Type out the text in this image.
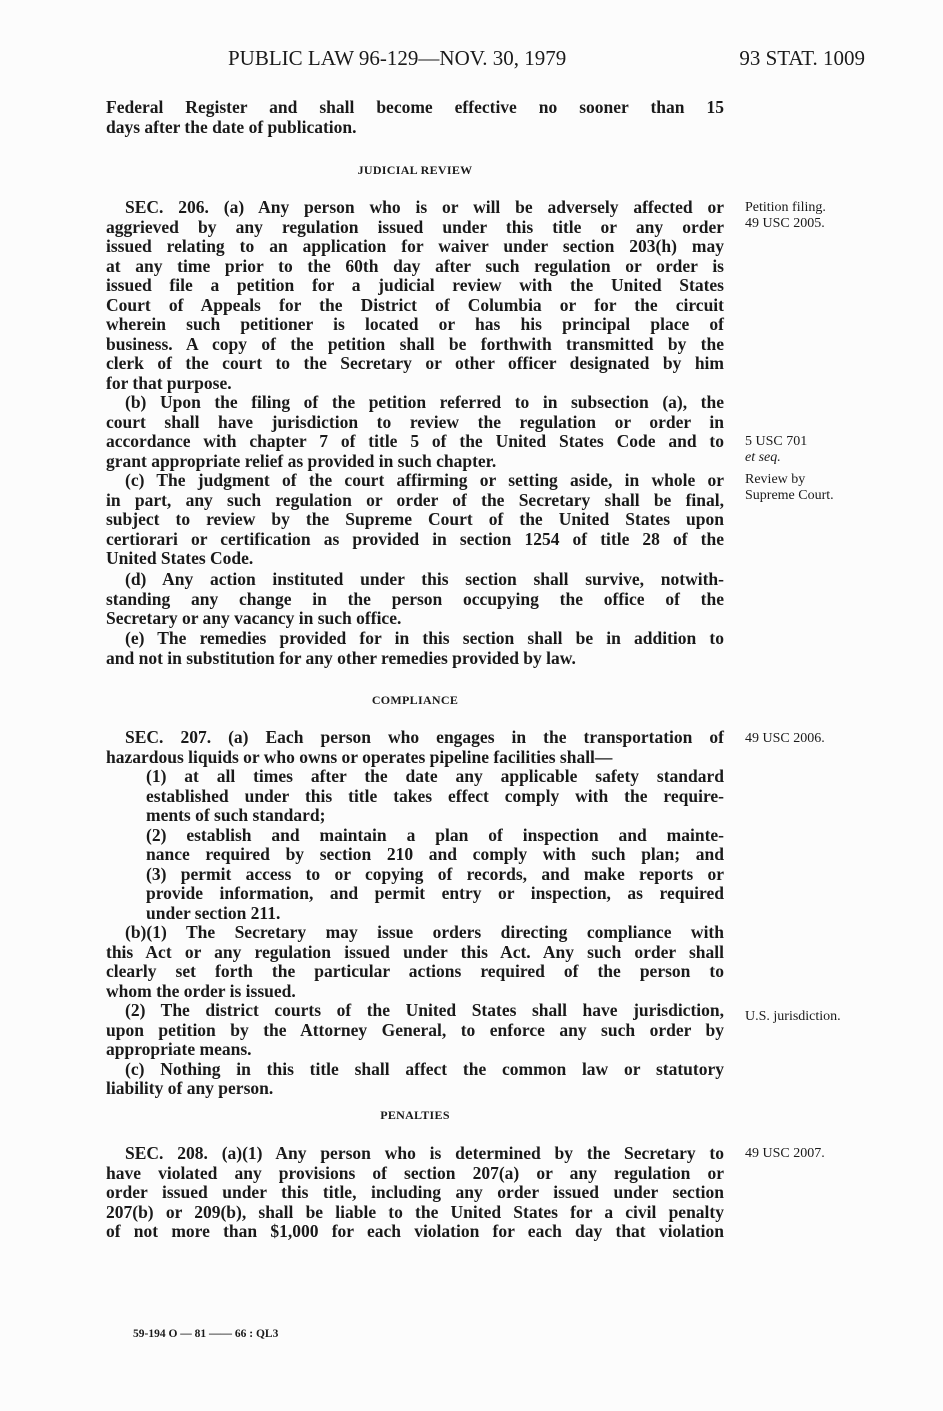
PUBLIC LAW 96-129—NOV. 30, 1979	93 STAT. 1009
Federal Register and shall become effective no sooner than 15
days after the date of publication.
JUDICIAL REVIEW
SEC. 206. (a) Any person who is or will be adversely affected or
aggrieved by any regulation issued under this title or any order
issued relating to an application for waiver under section 203(h) may
at any time prior to the 60th day after such regulation or order is
issued file a petition for a judicial review with the United States
Court of Appeals for the District of Columbia or for the circuit
wherein such petitioner is located or has his principal place of
business. A copy of the petition shall be forthwith transmitted by the
clerk of the court to the Secretary or other officer designated by him
for that purpose.
(b) Upon the filing of the petition referred to in subsection (a), the
court shall have jurisdiction to review the regulation or order in
accordance with chapter 7 of title 5 of the United States Code and to
grant appropriate relief as provided in such chapter.
(c) The judgment of the court affirming or setting aside, in whole or
in part, any such regulation or order of the Secretary shall be final,
subject to review by the Supreme Court of the United States upon
certiorari or certification as provided in section 1254 of title 28 of the
United States Code.
(d) Any action instituted under this section shall survive, notwith-
standing any change in the person occupying the office of the
Secretary or any vacancy in such office.
(e) The remedies provided for in this section shall be in addition to
and not in substitution for any other remedies provided by law.
COMPLIANCE
SEC. 207. (a) Each person who engages in the transportation of
hazardous liquids or who owns or operates pipeline facilities shall—
(1) at all times after the date any applicable safety standard
established under this title takes effect comply with the require-
ments of such standard;
(2) establish and maintain a plan of inspection and mainte-
nance required by section 210 and comply with such plan; and
(3) permit access to or copying of records, and make reports or
provide information, and permit entry or inspection, as required
under section 211.
(b)(1) The Secretary may issue orders directing compliance with
this Act or any regulation issued under this Act. Any such order shall
clearly set forth the particular actions required of the person to
whom the order is issued.
(2) The district courts of the United States shall have jurisdiction,
upon petition by the Attorney General, to enforce any such order by
appropriate means.
(c) Nothing in this title shall affect the common law or statutory
liability of any person.
PENALTIES
SEC. 208. (a)(1) Any person who is determined by the Secretary to
have violated any provisions of section 207(a) or any regulation or
order issued under this title, including any order issued under section
207(b) or 209(b), shall be liable to the United States for a civil penalty
of not more than $1,000 for each violation for each day that violation
Petition filing.
49 USC 2005.
5 USC 701
et seq.
Review by
Supreme Court.
49 USC 2006.
U.S. jurisdiction.
49 USC 2007.
59-194 O — 81 —— 66 : QL3
